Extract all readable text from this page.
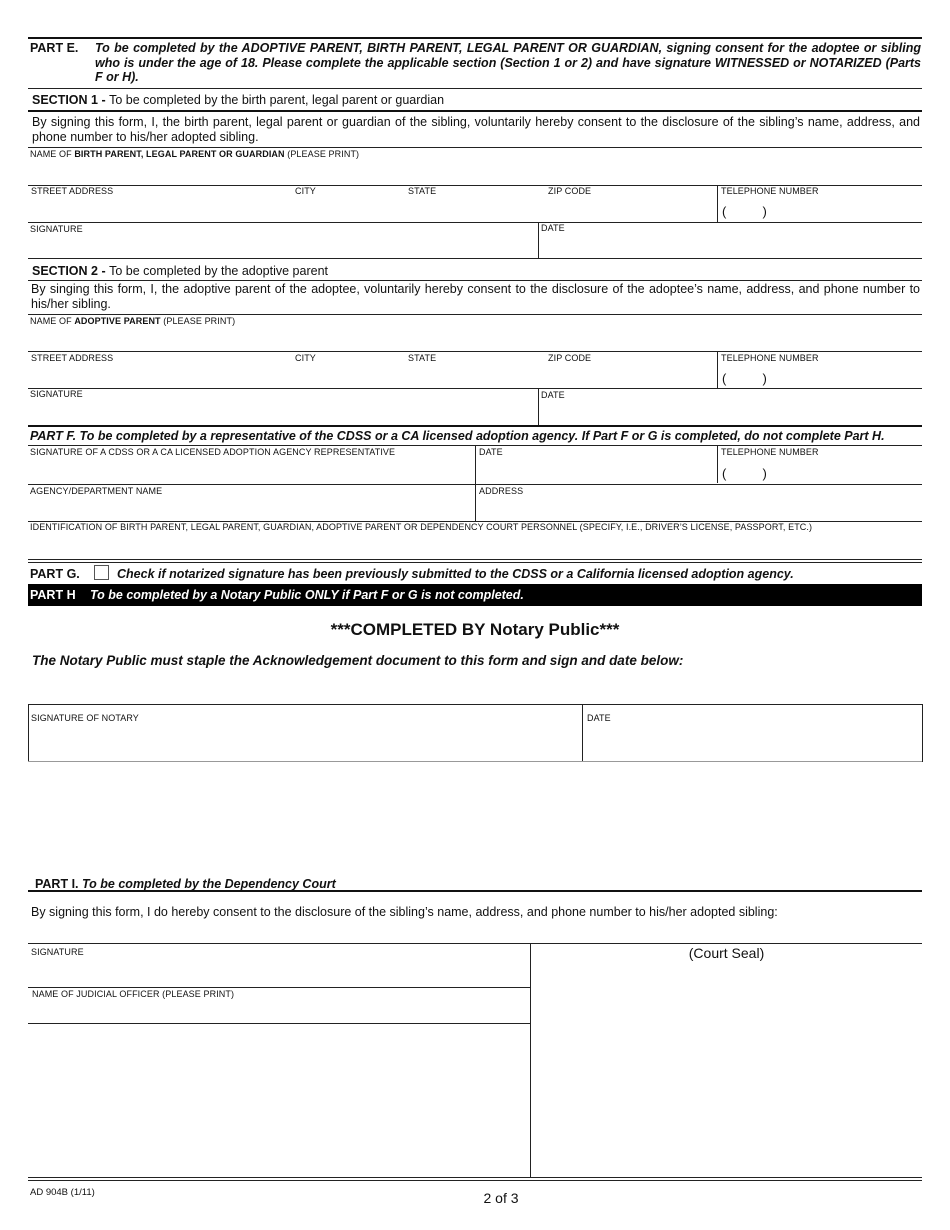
PART E. To be completed by the ADOPTIVE PARENT, BIRTH PARENT, LEGAL PARENT OR GUARDIAN, signing consent for the adoptee or sibling who is under the age of 18. Please complete the applicable section (Section 1 or 2) and have signature WITNESSED or NOTARIZED (Parts F or H).
SECTION 1 - To be completed by the birth parent, legal parent or guardian
By signing this form, I, the birth parent, legal parent or guardian of the sibling, voluntarily hereby consent to the disclosure of the sibling’s name, address, and phone number to his/her adopted sibling.
NAME OF BIRTH PARENT, LEGAL PARENT OR GUARDIAN (PLEASE PRINT)
STREET ADDRESS	CITY	STATE	ZIP CODE	TELEPHONE NUMBER
(          )
SIGNATURE	DATE
SECTION 2 - To be completed by the adoptive parent
By singing this form, I, the adoptive parent of the adoptee, voluntarily hereby consent to the disclosure of the adoptee’s name, address, and phone number to his/her sibling.
NAME OF ADOPTIVE PARENT (PLEASE PRINT)
STREET ADDRESS	CITY	STATE	ZIP CODE	TELEPHONE NUMBER
(          )
SIGNATURE	DATE
PART F. To be completed by a representative of the CDSS or a CA licensed adoption agency. If Part F or G is completed, do not complete Part H.
SIGNATURE OF A CDSS OR A CA LICENSED ADOPTION AGENCY REPRESENTATIVE	DATE	TELEPHONE NUMBER
(          )
AGENCY/DEPARTMENT NAME	ADDRESS
IDENTIFICATION OF BIRTH PARENT, LEGAL PARENT, GUARDIAN, ADOPTIVE PARENT OR DEPENDENCY COURT PERSONNEL (SPECIFY, I.E., DRIVER’S LICENSE, PASSPORT, ETC.)
PART G.	Check if notarized signature has been previously submitted to the CDSS or a California licensed adoption agency.
PART H To be completed by a Notary Public ONLY if Part F or G is not completed.
***COMPLETED BY Notary Public***
The Notary Public must staple the Acknowledgement document to this form and sign and date below:
SIGNATURE OF NOTARY	DATE
PART I. To be completed by the Dependency Court
By signing this form, I do hereby consent to the disclosure of the sibling’s name, address, and phone number to his/her adopted sibling:
SIGNATURE
NAME OF JUDICIAL OFFICER (PLEASE PRINT)
(Court Seal)
AD 904B (1/11)	2 of 3
